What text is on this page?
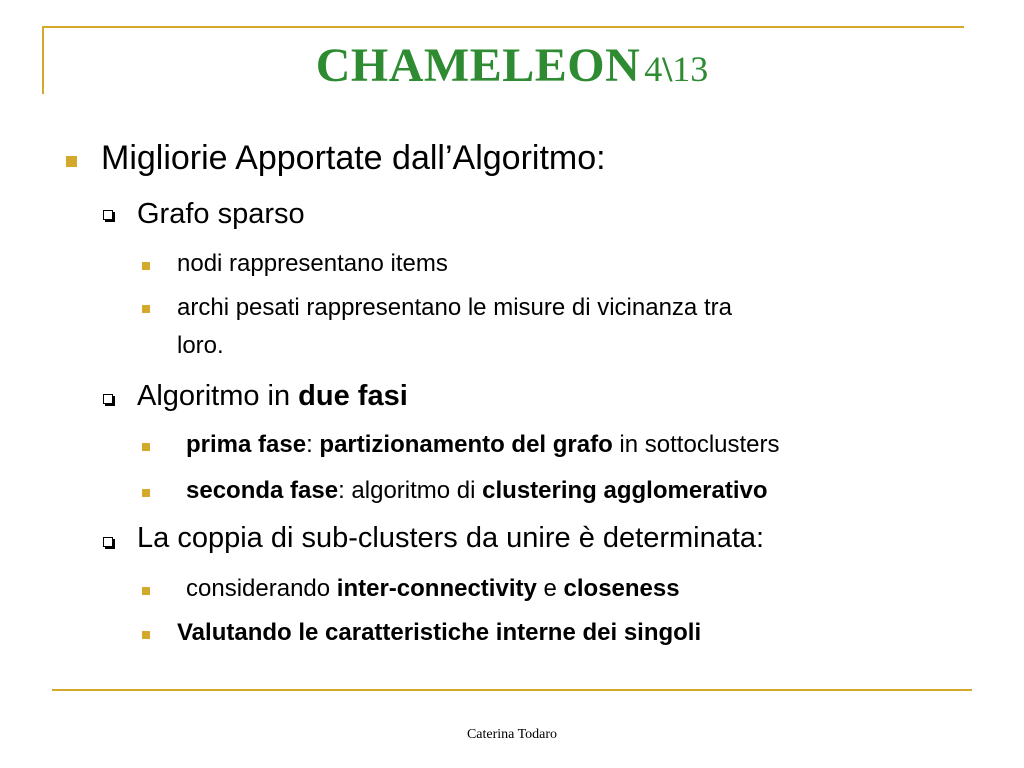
CHAMELEON 4\13
Migliorie Apportate dall’Algoritmo:
Grafo sparso
nodi rappresentano items
archi pesati rappresentano le misure di vicinanza tra
loro.
Algoritmo in due fasi
prima fase: partizionamento del grafo in sottoclusters
seconda fase: algoritmo di clustering agglomerativo
La coppia di sub-clusters da unire è determinata:
considerando inter-connectivity e closeness
Valutando le caratteristiche interne dei singoli
Caterina Todaro
